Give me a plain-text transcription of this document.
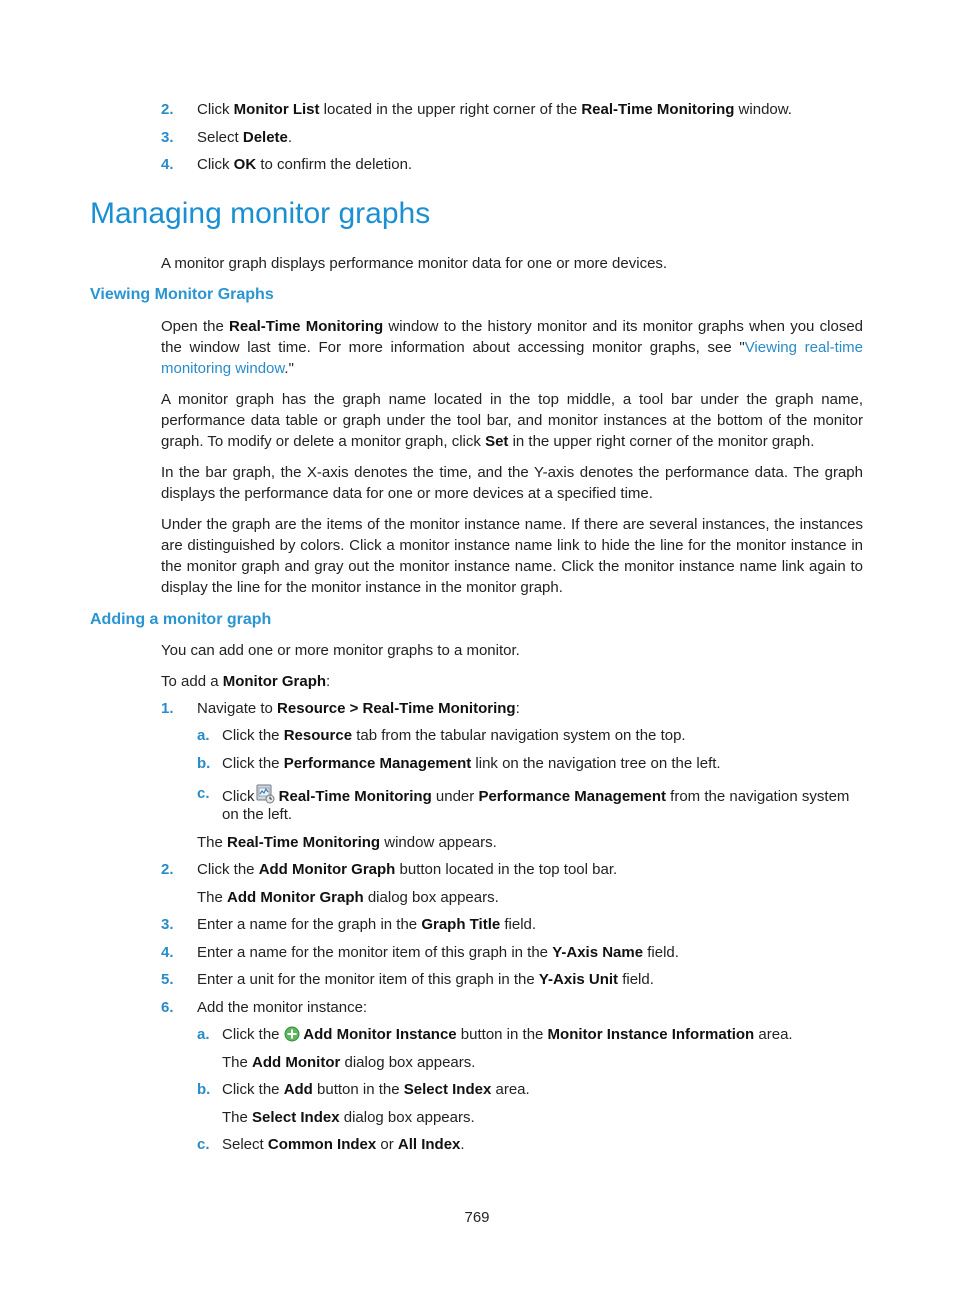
2. Click Monitor List located in the upper right corner of the Real-Time Monitoring window.
3. Select Delete.
4. Click OK to confirm the deletion.
Managing monitor graphs
A monitor graph displays performance monitor data for one or more devices.
Viewing Monitor Graphs
Open the Real-Time Monitoring window to the history monitor and its monitor graphs when you closed the window last time. For more information about accessing monitor graphs, see "Viewing real-time monitoring window."
A monitor graph has the graph name located in the top middle, a tool bar under the graph name, performance data table or graph under the tool bar, and monitor instances at the bottom of the monitor graph. To modify or delete a monitor graph, click Set in the upper right corner of the monitor graph.
In the bar graph, the X-axis denotes the time, and the Y-axis denotes the performance data. The graph displays the performance data for one or more devices at a specified time.
Under the graph are the items of the monitor instance name. If there are several instances, the instances are distinguished by colors. Click a monitor instance name link to hide the line for the monitor instance in the monitor graph and gray out the monitor instance name. Click the monitor instance name link again to display the line for the monitor instance in the monitor graph.
Adding a monitor graph
You can add one or more monitor graphs to a monitor.
To add a Monitor Graph:
1. Navigate to Resource > Real-Time Monitoring:
a. Click the Resource tab from the tabular navigation system on the top.
b. Click the Performance Management link on the navigation tree on the left.
c. Click Real-Time Monitoring under Performance Management from the navigation system
on the left.
The Real-Time Monitoring window appears.
2. Click the Add Monitor Graph button located in the top tool bar.
The Add Monitor Graph dialog box appears.
3. Enter a name for the graph in the Graph Title field.
4. Enter a name for the monitor item of this graph in the Y-Axis Name field.
5. Enter a unit for the monitor item of this graph in the Y-Axis Unit field.
6. Add the monitor instance:
a. Click the  Add Monitor Instance button in the Monitor Instance Information area.
The Add Monitor dialog box appears.
b. Click the Add button in the Select Index area.
The Select Index dialog box appears.
c. Select Common Index or All Index.
769
